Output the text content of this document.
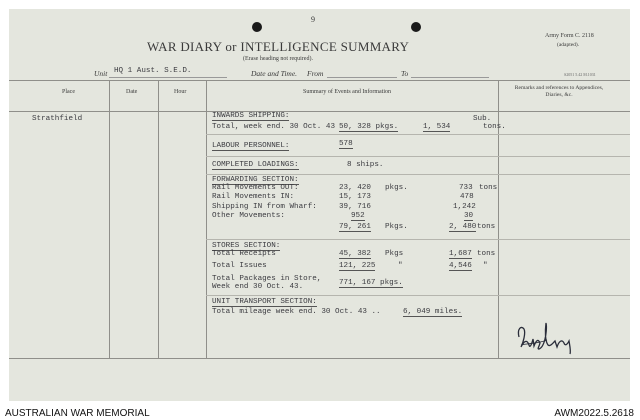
9
WAR DIARY or INTELLIGENCE SUMMARY
(Erase heading not required).
Army Form C. 2118
(adapted).
S2051 5.42 M.1031
Unit HQ 1 Aust. S.E.D.	Date and Time. From	To
Place	Date	Hour	Summary of Events and Information
Remarks and references to Appendices, Diaries, &c.
Strathfield	INWARDS SHIPPING:
Total, week end. 30 Oct. 43 50, 328 pkgs.	1, 534
Sub.
tons.
LABOUR PERSONNEL:	578
COMPLETED LOADINGS:	8 ships.
FORWARDING SECTION:
Rail Movements OUT:	23, 420 pkgs.	733 tons
Rail Movements IN:	15, 173	478
Shipping IN from Wharf:	39, 716	1,242
Other Movements:	952	30
79, 261 Pkgs.	2, 480 tons
STORES SECTION:
Total Receipts	45, 382 Pkgs	1,687 tons
Total Issues	121, 225	"	4,546 "
Total Packages in Store,
Week end 30 Oct. 43.	771, 167 pkgs.
UNIT TRANSPORT SECTION:
Total mileage week end. 30 Oct. 43 ..	6, 049 miles.
AUSTRALIAN WAR MEMORIAL	AWM2022.5.2618
